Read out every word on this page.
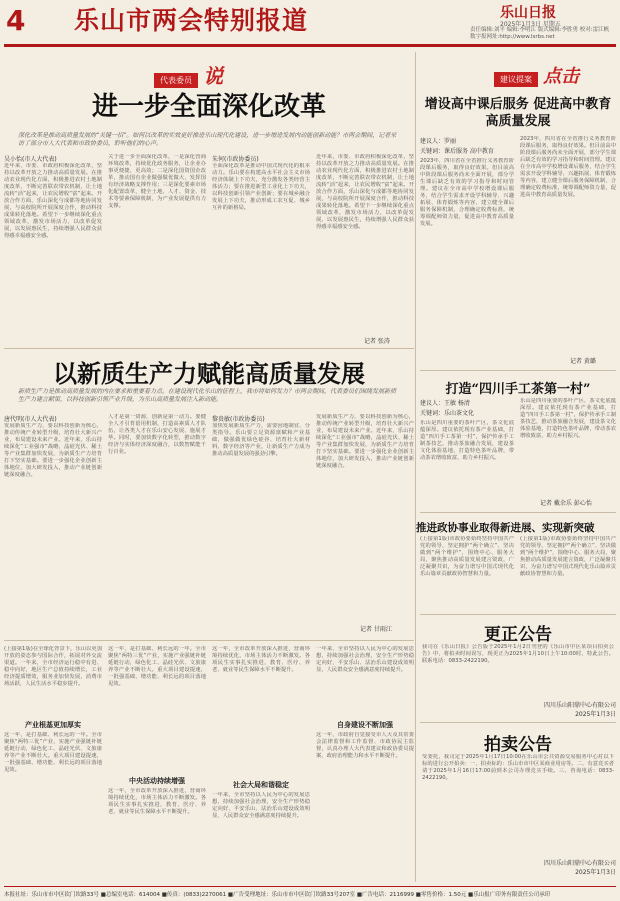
4 乐山市两会特别报道	乐山日报
2025年1月3日 星期五
责任编辑:刘平 编辑:李明江 版式编辑:李胜勇 校对:雷江帆
数字报网址:http://www.lsrbs.net
代表委员 说
进一步全面深化改革
深化改革是推动高质量发展的“关键一招”。如何以改革的实效更好推进乐山现代化建设，进一步增进发展内动能创新动能？市两会期间，记者采访了部分市人大代表和市政协委员，聆听他们的心声。
吴小怡(市人大代表)
近年来，市委、市政府积极深化改革，坚持以改革开放之力推动高质量发展。在推动农业现代化方面，积极推进农村土地制度改革，不断完善联农带农机制，让土地流转“活”起来，让农民增收“富”起来。开放合作方面，乐山深化与成都等地协同发展，与高校院所开展深度合作，推动科技成果转化落地。希望下一步继续深化重点领域改革，激发市场活力，以改革促发展，以发展惠民生，持续增强人民群众获得感幸福感安全感。
关于进一步全面深化改革，一是深化营商环境改革，持续优化政务服务，让企业办事更便捷、更高效；二是深化国资国企改革，推动国有企业做强做优做大，发挥国有经济战略支撑作用；三是深化要素市场化配置改革，健全土地、人才、资金、技术等要素保障机制，为产业发展提供有力支撑。
朱何(市政协委员)
全面深化改革是推动中国式现代化的根本动力。乐山要在构建高水平社会主义市场经济体制上下功夫，充分激发各类经营主体活力；要在推进新型工业化上下功夫，以科技创新引领产业创新；要在城乡融合发展上下功夫，推动形成工农互促、城乡互补的新格局。
近年来，市委、市政府积极深化改革，坚持以改革开放之力推动高质量发展。在推动农业现代化方面，积极推进农村土地制度改革，不断完善联农带农机制，让土地流转“活”起来，让农民增收“富”起来。开放合作方面，乐山深化与成都等地协同发展，与高校院所开展深度合作，推动科技成果转化落地。希望下一步继续深化重点领域改革，激发市场活力，以改革促发展，以发展惠民生，持续增强人民群众获得感幸福感安全感。
记者 张涛
以新质生产力赋能高质量发展
新质生产力是推动高质量发展的内在要求和重要着力点。在建设现代化乐山的征程上，我市将如何发力？市两会期间，代表委员们围绕发展新质生产力建言献策，以科技创新引领产业升级，为乐山高质量发展注入新动能。
唐代明(市人大代表)
发展新质生产力，要以科技创新为核心，推动传统产业转型升级，培育壮大新兴产业，布局建设未来产业。近年来，乐山持续深化“工业强市”战略，晶硅光伏、稀土等产业集群加快发展，为新质生产力培育打下坚实基础。要进一步强化企业创新主体地位，加大研发投入，推动产业链创新链深度融合。
人才是第一资源，创新是第一动力。要健全人才引育留用机制，打造高素质人才队伍，让各类人才在乐山安心发展、施展才华。同时，要加快数字化转型，推动数字经济与实体经济深度融合，以数智赋能千行百业。
黎贵敏(市政协委员)
加快发展新质生产力，需要因地制宜、分类指导。乐山要立足资源禀赋和产业基础，做强做优绿色硅谷、培育壮大新材料、数字经济等产业，让新质生产力成为推动高质量发展的强劲引擎。
发展新质生产力，要以科技创新为核心，推动传统产业转型升级，培育壮大新兴产业，布局建设未来产业。近年来，乐山持续深化“工业强市”战略，晶硅光伏、稀土等产业集群加快发展，为新质生产力培育打下坚实基础。要进一步强化企业创新主体地位，加大研发投入，推动产业链创新链深度融合。
记者 甘雨江
(上接第1版)在全球化背景下，乐山以更加开放的姿态参与国际合作，拓展对外交流渠道。一年来，全市经济运行稳中有进、稳中向好，地区生产总值持续增长，工业经济提质增效，服务业加快发展，消费市场活跃，人民生活水平稳步提升。
产业根基更加厚实
这一年，是打基础、利长远的一年。全市聚焦“两特三优”产业，实施产业强链补链延链行动，绿色化工、晶硅光伏、文旅康养等产业不断壮大。重大项目建设提速，一批强基础、增功能、利长远的项目落地见效。
这一年，是打基础、利长远的一年。全市聚焦“两特三优”产业，实施产业强链补链延链行动，绿色化工、晶硅光伏、文旅康养等产业不断壮大。重大项目建设提速，一批强基础、增功能、利长远的项目落地见效。
中央活动持续增强
这一年，全市改革开放深入推进，营商环境持续优化，市场主体活力不断激发。各项民生实事扎实推进，教育、医疗、养老、就业等民生保障水平不断提升。
这一年，全市改革开放深入推进，营商环境持续优化，市场主体活力不断激发。各项民生实事扎实推进，教育、医疗、养老、就业等民生保障水平不断提升。
社会大局和谐稳定
一年来，全市坚持以人民为中心的发展思想，持续加强社会治理，安全生产形势稳定向好，平安乐山、法治乐山建设成效明显，人民群众安全感满意度持续提升。
一年来，全市坚持以人民为中心的发展思想，持续加强社会治理，安全生产形势稳定向好，平安乐山、法治乐山建设成效明显，人民群众安全感满意度持续提升。
自身建设不断加强
这一年，市政府自觉接受市人大及其常委会法律监督和工作监督、市政协民主监督，认真办理人大代表建议和政协委员提案，政府治理能力和水平不断提升。
建议提案 点击
增设高中课后服务 促进高中教育高质量发展
建议人：罗丽
关键词：课后服务 高中教育
2023年，四川省在全省推行义务教育阶段课后服务，取得良好效果。但目前高中阶段课后服务尚未全面开展，部分学生课后缺乏有效的学习指导和时间管理。建议在全市高中学校增设课后服务，结合学生需求开设学科辅导、兴趣拓展、体育锻炼等内容，建立健全课后服务保障机制，合理确定收费标准，统筹调配师资力量，促进高中教育高质量发展。
2023年，四川省在全省推行义务教育阶段课后服务，取得良好效果。但目前高中阶段课后服务尚未全面开展，部分学生课后缺乏有效的学习指导和时间管理。建议在全市高中学校增设课后服务，结合学生需求开设学科辅导、兴趣拓展、体育锻炼等内容，建立健全课后服务保障机制，合理确定收费标准，统筹调配师资力量，促进高中教育高质量发展。
记者 黄璐
打造“四川手工茶第一村”
建议人：王敏 杨清
关键词：乐山茶文化
乐山是四川重要的茶叶产区，茶文化底蕴深厚。建议依托现有茶产业基础，打造“四川手工茶第一村”，保护传承手工制茶技艺，推动茶旅融合发展，建设茶文化体验基地，打造特色茶叶品牌，带动茶农增收致富，助力乡村振兴。
乐山是四川重要的茶叶产区，茶文化底蕴深厚。建议依托现有茶产业基础，打造“四川手工茶第一村”，保护传承手工制茶技艺，推动茶旅融合发展，建设茶文化体验基地，打造特色茶叶品牌，带动茶农增收致富，助力乡村振兴。
记者 戴余乐 彭心怡
推进政协事业取得新进展、实现新突破
(上接第1版)市政协要始终坚持中国共产党的领导，坚定拥护“两个确立”、坚决做到“两个维护”，围绕中心、服务大局，聚焦推动高质量发展建言资政，广泛凝聚共识，为奋力谱写中国式现代化乐山篇章贡献政协智慧和力量。
(上接第1版)市政协要始终坚持中国共产党的领导，坚定拥护“两个确立”、坚决做到“两个维护”，围绕中心、服务大局，聚焦推动高质量发展建言资政，广泛凝聚共识，为奋力谱写中国式现代化乐山篇章贡献政协智慧和力量。
更正公告
我司在《乐山日报》公告版于2025年1月2日刊登的《乐山市中区某项目拍卖公告》中，将拍卖时间误写，现更正为2025年1月10日上午10:00时，特此公告。联系电话：0833-2422190。
四川乐山阳鼎中心有限公司
2025年1月3日
拍卖公告
受委托，我司定于2025年1月17日10:00在乐山市公共资源交易服务中心对以下标的进行公开拍卖：一、拍卖标的：乐山市市中区某商业用房等。二、有意竞买者请于2025年1月16日17:00前到本公司办理竞买手续。三、咨询电话：0833-2422190。
四川乐山阳鼎中心有限公司
2025年1月3日
本报社址：乐山市市中区钦门坎路33号 ■总编室电话：614004 ■传真：(0833)2270061 ■广告受理地址：乐山市市中区钦门坎路33号207室 ■广告电话：2116999 ■零售价格：1.50元 ■乐山报广印务有限责任公司承印
